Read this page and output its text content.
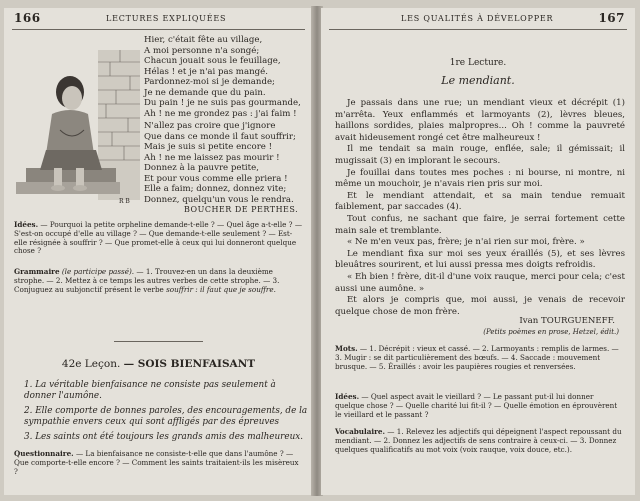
166	LECTURES EXPLIQUÉES
R B
Hier, c'était fête au village,
A moi personne n'a songé;
Chacun jouait sous le feuillage,
Hélas ! et je n'ai pas mangé.
Pardonnez-moi si je demande;
Je ne demande que du pain.
Du pain ! je ne suis pas gourmande,
Ah ! ne me grondez pas : j'ai faim !
N'allez pas croire que j'ignore
Que dans ce monde il faut souffrir;
Mais je suis si petite encore !
Ah ! ne me laissez pas mourir !
Donnez à la pauvre petite,
Et pour vous comme elle priera !
Elle a faim; donnez, donnez vite;
Donnez, quelqu'un vous le rendra.
BOUCHER DE PERTHES.
Idées. — Pourquoi la petite orpheline demande-t-elle ? — Quel âge a-t-elle ? — S'est-on occupé d'elle au village ? — Que demande-t-elle seulement ? — Est-elle résignée à souffrir ? — Que promet-elle à ceux qui lui donneront quelque chose ?
Grammaire (le participe passé). — 1. Trouvez-en un dans la deuxième strophe. — 2. Mettez à ce temps les autres verbes de cette strophe. — 3. Conjuguez au subjonctif présent le verbe souffrir : il faut que je souffre.
42e Leçon. — SOIS BIENFAISANT
1. La véritable bienfaisance ne consiste pas seulement à donner l'aumône.
2. Elle comporte de bonnes paroles, des encouragements, de la sympathie envers ceux qui sont affligés par des épreuves
3. Les saints ont été toujours les grands amis des malheureux.
Questionnaire. — La bienfaisance ne consiste-t-elle que dans l'aumône ? — Que comporte-t-elle encore ? — Comment les saints traitaient-ils les misèreux ?
LES QUALITÉS À DÉVELOPPER	167
1re Lecture.
Le mendiant.

Je passais dans une rue; un mendiant vieux et décrépit (1) m'arrêta. Yeux enflammés et larmoyants (2), lèvres bleues, haillons sordides, plaies malpropres... Oh ! comme la pauvreté avait hideusement rongé cet être malheureux !

Il me tendait sa main rouge, enflée, sale; il gémissait; il mugissait (3) en implorant le secours.

Je fouillai dans toutes mes poches : ni bourse, ni montre, ni même un mouchoir, je n'avais rien pris sur moi.

Et le mendiant attendait, et sa main tendue remuait faiblement, par saccades (4).

Tout confus, ne sachant que faire, je serrai fortement cette main sale et tremblante.

« Ne m'en veux pas, frère; je n'ai rien sur moi, frère. »

Le mendiant fixa sur moi ses yeux éraillés (5), et ses lèvres bleuâtres sourirent, et lui aussi pressa mes doigts refroidis.

« Eh bien ! frère, dit-il d'une voix rauque, merci pour cela; c'est aussi une aumône. »

Et alors je compris que, moi aussi, je venais de recevoir quelque chose de mon frère.

Ivan TOURGUENEFF.
(Petits poèmes en prose, Hetzel, édit.)
Mots. — 1. Décrépit : vieux et cassé. — 2. Larmoyants : remplis de larmes. — 3. Mugir : se dit particulièrement des bœufs. — 4. Saccade : mouvement brusque. — 5. Éraillés : avoir les paupières rougies et renversées.
Idées. — Quel aspect avait le vieillard ? — Le passant put-il lui donner quelque chose ? — Quelle charité lui fit-il ? — Quelle émotion en éprouvèrent le vieillard et le passant ?
Vocabulaire. — 1. Relevez les adjectifs qui dépeignent l'aspect repoussant du mendiant. — 2. Donnez les adjectifs de sens contraire à ceux-ci. — 3. Donnez quelques qualificatifs au mot voix (voix rauque, voix douce, etc.).
